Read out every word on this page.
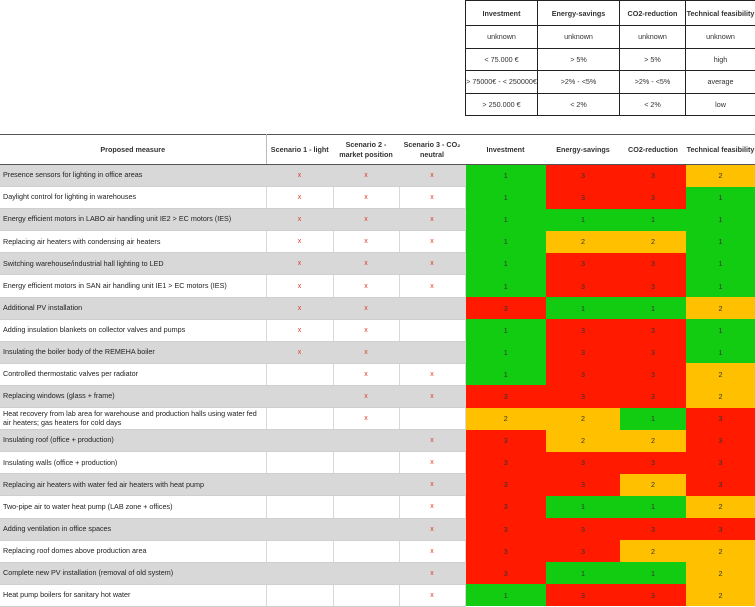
Investment	Energy-savings	CO2-reduction	Technical feasibility
unknown	unknown	unknown	unknown
< 75.000 €	> 5%	> 5%	high
> 75000€ - < 250000€	>2% - <5%	>2% - <5%	average
> 250.000 €	< 2%	< 2%	low
Proposed measure	Scenario 1 - light	Scenario 2 - market position	Scenario 3 - CO₂ neutral	Investment	Energy-savings	CO2-reduction	Technical feasibility
Presence sensors for lighting in office areas	x	x	x	1	3	3	2
Daylight control for lighting in warehouses	x	x	x	1	3	3	1
Energy efficient motors in LABO air handling unit IE2 > EC motors (IES)	x	x	x	1	1	1	1
Replacing air heaters with condensing air heaters	x	x	x	1	2	2	1
Switching warehouse/industrial hall lighting to LED	x	x	x	1	3	3	1
Energy efficient motors in SAN air handling unit IE1 > EC motors (IES)	x	x	x	1	3	3	1
Additional PV installation	x	x		3	1	1	2
Adding insulation blankets on collector valves and pumps	x	x		1	3	3	1
Insulating the boiler body of the REMEHA boiler	x	x		1	3	3	1
Controlled thermostatic valves per radiator		x	x	1	3	3	2
Replacing windows (glass + frame)		x	x	3	3	3	2
Heat recovery from lab area for warehouse and production halls using water fed air heaters; gas heaters for cold days		x		2	2	1	3
Insulating roof (office + production)			x	3	2	2	3
Insulating walls (office + production)			x	3	3	3	3
Replacing air heaters with water fed air heaters with heat pump			x	3	3	2	3
Two-pipe air to water heat pump (LAB zone + offices)			x	3	1	1	2
Adding ventilation in office spaces			x	3	3	3	3
Replacing roof domes above production area			x	3	3	2	2
Complete new PV installation (removal of old system)			x	3	1	1	2
Heat pump boilers for sanitary hot water			x	1	3	3	2
